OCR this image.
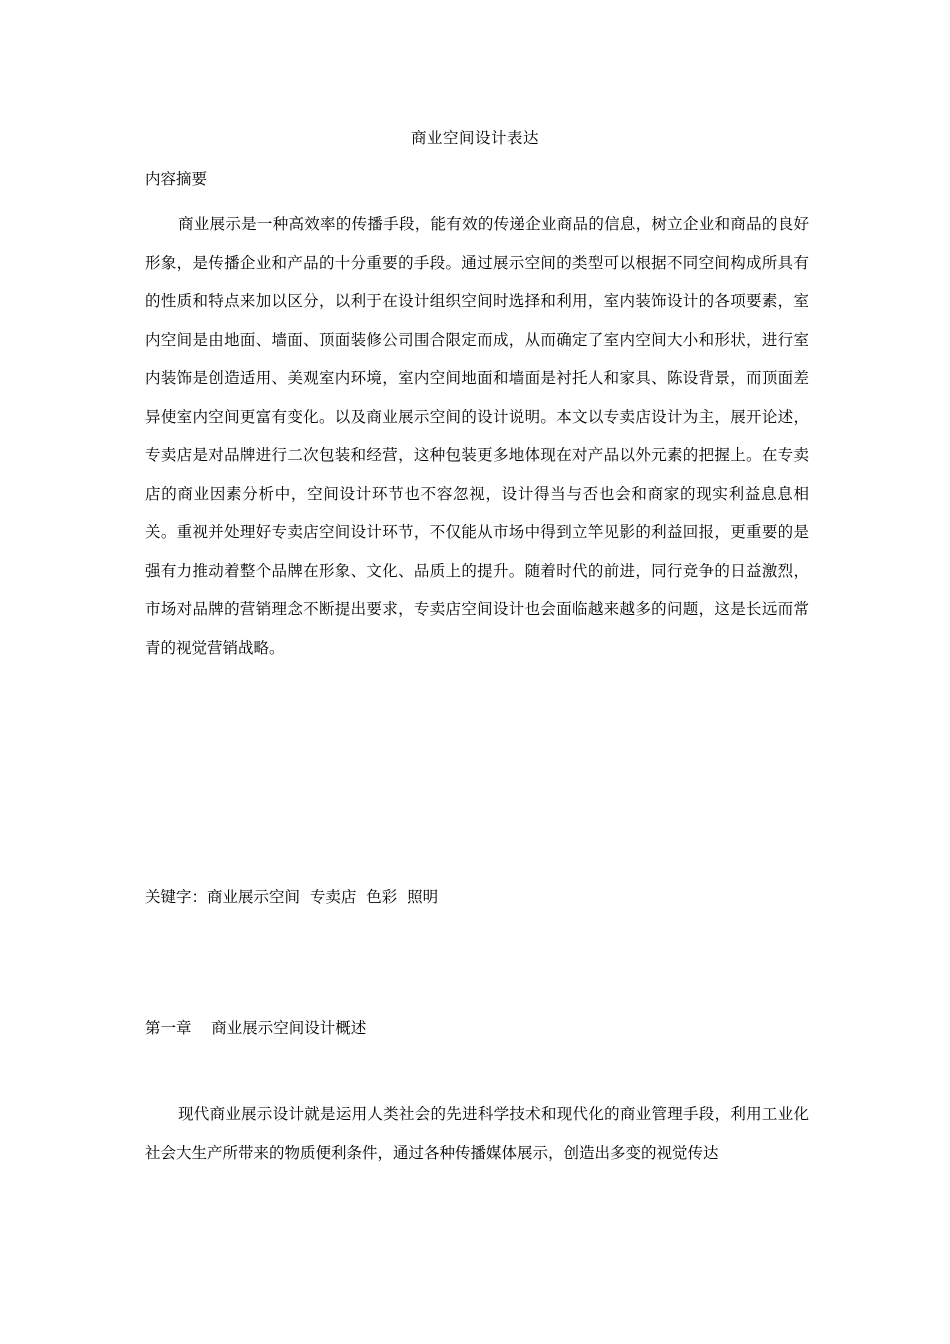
商业空间设计表达
内容摘要

商业展示是一种高效率的传播手段，能有效的传递企业商品的信息，树立企业和商品的良好形象，是传播企业和产品的十分重要的手段。通过展示空间的类型可以根据不同空间构成所具有的性质和特点来加以区分，以利于在设计组织空间时选择和利用，室内装饰设计的各项要素，室内空间是由地面、墙面、顶面装修公司围合限定而成，从而确定了室内空间大小和形状，进行室内装饰是创造适用、美观室内环境，室内空间地面和墙面是衬托人和家具、陈设背景，而顶面差异使室内空间更富有变化。以及商业展示空间的设计说明。本文以专卖店设计为主，展开论述，专卖店是对品牌进行二次包装和经营，这种包装更多地体现在对产品以外元素的把握上。在专卖店的商业因素分析中，空间设计环节也不容忽视，设计得当与否也会和商家的现实利益息息相关。重视并处理好专卖店空间设计环节，不仅能从市场中得到立竿见影的利益回报，更重要的是强有力推动着整个品牌在形象、文化、品质上的提升。随着时代的前进，同行竞争的日益激烈，市场对品牌的营销理念不断提出要求，专卖店空间设计也会面临越来越多的问题，这是长远而常青的视觉营销战略。

关键字：商业展示空间  专卖店  色彩  照明
第一章    商业展示空间设计概述

现代商业展示设计就是运用人类社会的先进科学技术和现代化的商业管理手段，利用工业化社会大生产所带来的物质便利条件，通过各种传播媒体展示，创造出多变的视觉传达
